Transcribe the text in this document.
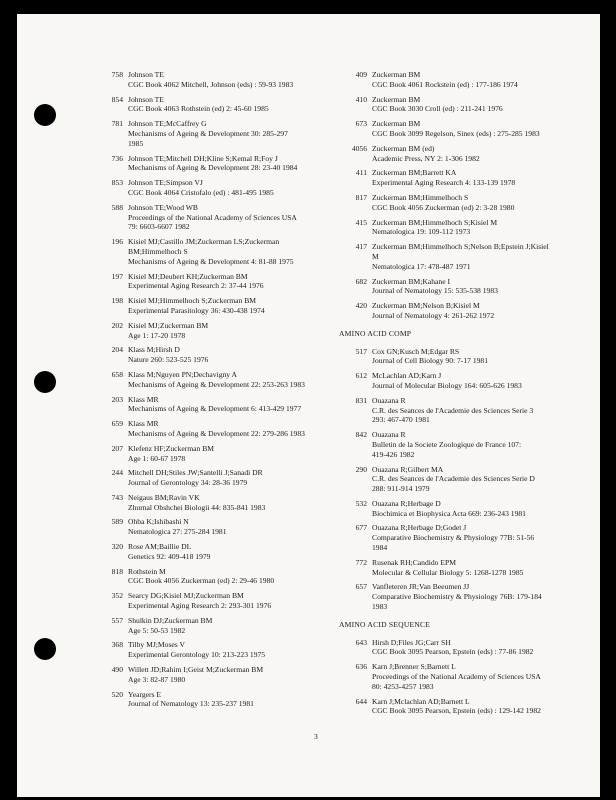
758 Johnson TE
CGC Book 4062 Mitchell, Johnson (eds) : 59-93 1983
854 Johnson TE
CGC Book 4063 Rothstein (ed) 2: 45-60 1985
781 Johnson TE;McCaffrey G
Mechanisms of Ageing & Development 30: 285-297
1985
736 Johnson TE;Mitchell DH;Kline S;Kemal R;Foy J
Mechanisms of Ageing & Development 28: 23-40 1984
853 Johnson TE;Simpson VJ
CGC Book 4064 Cristofalo (ed) : 481-495 1985
588 Johnson TE;Wood WB
Proceedings of the National Academy of Sciences USA
79: 6603-6607 1982
196 Kisiel MJ;Castillo JM;Zuckerman LS;Zuckerman
BM;Himmelhoch S
Mechanisms of Ageing & Development 4: 81-88 1975
197 Kisiel MJ;Deubert KH;Zuckerman BM
Experimental Aging Research 2: 37-44 1976
198 Kisiel MJ;Himmelhoch S;Zuckerman BM
Experimental Parasitology 36: 430-438 1974
202 Kisiel MJ;Zuckerman BM
Age 1: 17-20 1978
204 Klass M;Hirsh D
Nature 260: 523-525 1976
658 Klass M;Nguyen PN;Dechavigny A
Mechanisms of Ageing & Development 22: 253-263 1983
203 Klass MR
Mechanisms of Ageing & Development 6: 413-429 1977
659 Klass MR
Mechanisms of Ageing & Development 22: 279-286 1983
207 Klefenz HF;Zuckerman BM
Age 1: 60-67 1978
244 Mitchell DH;Stiles JW;Santelli J;Sanadi DR
Journal of Gerontology 34: 28-36 1979
743 Neigaus BM;Ravin VK
Zhurnal Obshchei Biologii 44: 835-841 1983
589 Ohba K;Ishibashi N
Nematologica 27: 275-284 1981
320 Rose AM;Baillie DL
Genetics 92: 409-418 1979
818 Rothstein M
CGC Book 4056 Zuckerman (ed) 2: 29-46 1980
352 Searcy DG;Kisiel MJ;Zuckerman BM
Experimental Aging Research 2: 293-301 1976
557 Shulkin DJ;Zuckerman BM
Age 5: 50-53 1982
368 Tilby MJ;Moses V
Experimental Gerontology 10: 213-223 1975
490 Willett JD;Rahim I;Geist M;Zuckerman BM
Age 3: 82-87 1980
520 Yeargers E
Journal of Nematology 13: 235-237 1981
409 Zuckerman BM
CGC Book 4061 Rockstein (ed) : 177-186 1974
410 Zuckerman BM
CGC Book 3030 Croll (ed) : 211-241 1976
673 Zuckerman BM
CGC Book 3099 Regelson, Sinex (eds) : 275-285 1983
4056 Zuckerman BM (ed)
Academic Press, NY 2: 1-306 1982
411 Zuckerman BM;Barrett KA
Experimental Aging Research 4: 133-139 1978
817 Zuckerman BM;Himmelhoch S
CGC Book 4056 Zuckerman (ed) 2: 3-28 1980
415 Zuckerman BM;Himmelhoch S;Kisiel M
Nematologica 19: 109-112 1973
417 Zuckerman BM;Himmelhoch S;Nelson B;Epstein J;Kisiel
M
Nematologica 17: 478-487 1971
682 Zuckerman BM;Kahane I
Journal of Nematology 15: 535-538 1983
420 Zuckerman BM;Nelson B;Kisiel M
Journal of Nematology 4: 261-262 1972
AMINO ACID COMP
517 Cox GN;Kusch M;Edgar RS
Journal of Cell Biology 90: 7-17 1981
612 McLachlan AD;Karn J
Journal of Molecular Biology 164: 605-626 1983
831 Ouazana R
C.R. des Seances de l'Academie des Sciences Serie 3
293: 467-470 1981
842 Ouazana R
Bulletin de la Societe Zoologique de France 107:
419-426 1982
290 Ouazana R;Gilbert MA
C.R. des Seances de l'Academie des Sciences Serie D
288: 911-914 1979
532 Ouazana R;Herbage D
Biochimica et Biophysica Acta 669: 236-243 1981
677 Ouazana R;Herbage D;Godet J
Comparative Biochemistry & Physiology 77B: 51-56
1984
772 Rusenak RH;Candido EPM
Molecular & Cellular Biology 5: 1268-1278 1985
657 Vanfleteren JR;Van Beeumen JJ
Comparative Biochemistry & Physiology 76B: 179-184
1983
AMINO ACID SEQUENCE
643 Hirsh D;Files JG;Carr SH
CGC Book 3095 Pearson, Epstein (eds) : 77-86 1982
636 Karn J;Brenner S;Barnett L
Proceedings of the National Academy of Sciences USA
80: 4253-4257 1983
644 Karn J;Mclachlan AD;Barnett L
CGC Book 3095 Pearson, Epstein (eds) : 129-142 1982
3
